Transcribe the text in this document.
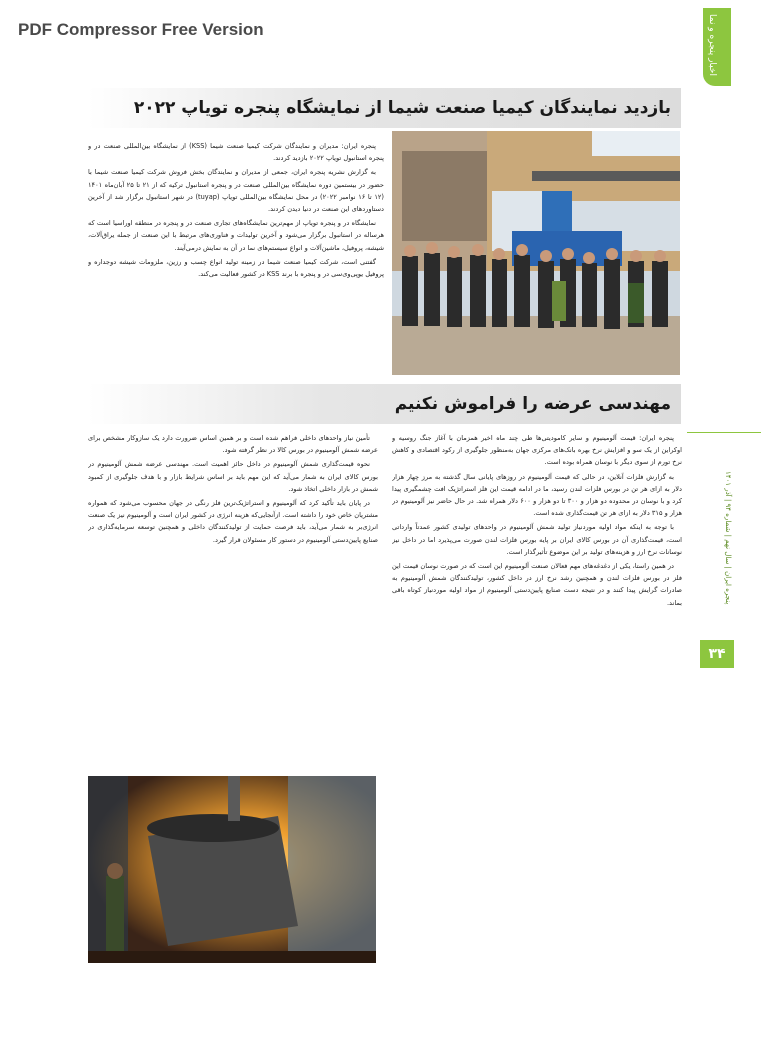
PDF Compressor Free Version	اخبار پنجره و نما
بازدید نمایندگان کیمیا صنعت شیما از نمایشگاه پنجره تویاپ ۲۰۲۲

پنجره ایران: مدیران و نمایندگان شرکت کیمیا صنعت شیما (KSS) از نمایشگاه بین‌المللی صنعت در و پنجره استانبول تویاپ ۲۰۲۲ بازدید کردند.

به گزارش نشریه پنجره ایران، جمعی از مدیران و نمایندگان بخش فروش شرکت کیمیا صنعت شیما با حضور در بیستمین دوره نمایشگاه بین‌المللی صنعت در و پنجره استانبول ترکیه که از ۲۱ تا ۲۵ آبان‌ماه ۱۴۰۱ (۱۲ تا ۱۶ نوامبر ۲۰۲۲) در محل نمایشگاه بین‌المللی تویاپ (tuyap) در شهر استانبول برگزار شد از آخرین دستاوردهای این صنعت در دنیا دیدن کردند.

نمایشگاه در و پنجره تویاپ از مهم‌ترین نمایشگاه‌های تجاری صنعت در و پنجره در منطقه اوراسیا است که هرساله در استانبول برگزار می‌شود و آخرین تولیدات و فناوری‌های مرتبط با این صنعت از جمله یراق‌آلات، شیشه، پروفیل، ماشین‌آلات و انواع سیستم‌های نما در آن به نمایش درمی‌آیند.

گفتنی است، شرکت کیمیا صنعت شیما در زمینه تولید انواع چسب و رزین، ملزومات شیشه دوجداره و پروفیل یو‌پی‌وی‌سی در و پنجره با برند KSS در کشور فعالیت می‌کند.

مهندسی عرضه را فراموش نکنیم

پنجره ایران: قیمت آلومینیوم و سایر کامودیتی‌ها طی چند ماه اخیر همزمان با آغاز جنگ روسیه و اوکراین از یک سو و افزایش نرخ بهره بانک‌های مرکزی جهان به‌منظور جلوگیری از رکود اقتصادی و کاهش نرخ تورم از سوی دیگر با نوسان همراه بوده است.

به گزارش فلزات آنلاین، در حالی که قیمت آلومینیوم در روزهای پایانی سال گذشته به مرز چهار هزار دلار به ازای هر تن در بورس فلزات لندن رسید، ما در ادامه قیمت این فلز استراتژیک افت چشمگیری پیدا کرد و با نوسان در محدوده دو هزار و ۳۰۰ تا دو هزار و ۶۰۰ دلار همراه شد. در حال حاضر نیز آلومینیوم در هزار و ۳۱۵ دلار به ازای هر تن قیمت‌گذاری شده است.

با توجه به اینکه مواد اولیه موردنیاز تولید شمش آلومینیوم در واحدهای تولیدی کشور عمدتاً وارداتی است، قیمت‌گذاری آن در بورس کالای ایران بر پایه بورس فلزات لندن صورت می‌پذیرد اما در داخل نیز نوسانات نرخ ارز و هزینه‌های تولید بر این موضوع تأثیرگذار است.

در همین راستا، یکی از دغدغه‌های مهم فعالان صنعت آلومینیوم این است که در صورت نوسان قیمت این فلز در بورس فلزات لندن و همچنین رشد نرخ ارز در داخل کشور، تولیدکنندگان شمش آلومینیوم به صادرات گرایش پیدا کنند و در نتیجه دست صنایع پایین‌دستی آلومینیوم از مواد اولیه موردنیاز کوتاه باقی بماند.

تأمین نیاز واحدهای داخلی فراهم شده است و بر همین اساس ضرورت دارد یک سازوکار مشخص برای عرضه شمش آلومینیوم در بورس کالا در نظر گرفته شود.

نحوه قیمت‌گذاری شمش آلومینیوم در داخل حائز اهمیت است. مهندسی عرضه شمش آلومینیوم در بورس کالای ایران به شمار می‌آید که این مهم باید بر اساس شرایط بازار و با هدف جلوگیری از کمبود شمش در بازار داخلی اتخاذ شود.

در پایان باید تأکید کرد که آلومینیوم و استراتژیک‌ترین فلز رنگی در جهان محسوب می‌شود که همواره مشتریان خاص خود را داشته است. ازآنجایی‌که هزینه انرژی در کشور ایران است و آلومینیوم نیز یک صنعت انرژی‌بر به شمار می‌آید، باید فرصت حمایت از تولیدکنندگان داخلی و همچنین توسعه سرمایه‌گذاری در صنایع پایین‌دستی آلومینیوم در دستور کار مسئولان قرار گیرد.

پنجره ایران | سال نهم | شماره ۹۴ | آذر ۱۴۰۱
۳۴
